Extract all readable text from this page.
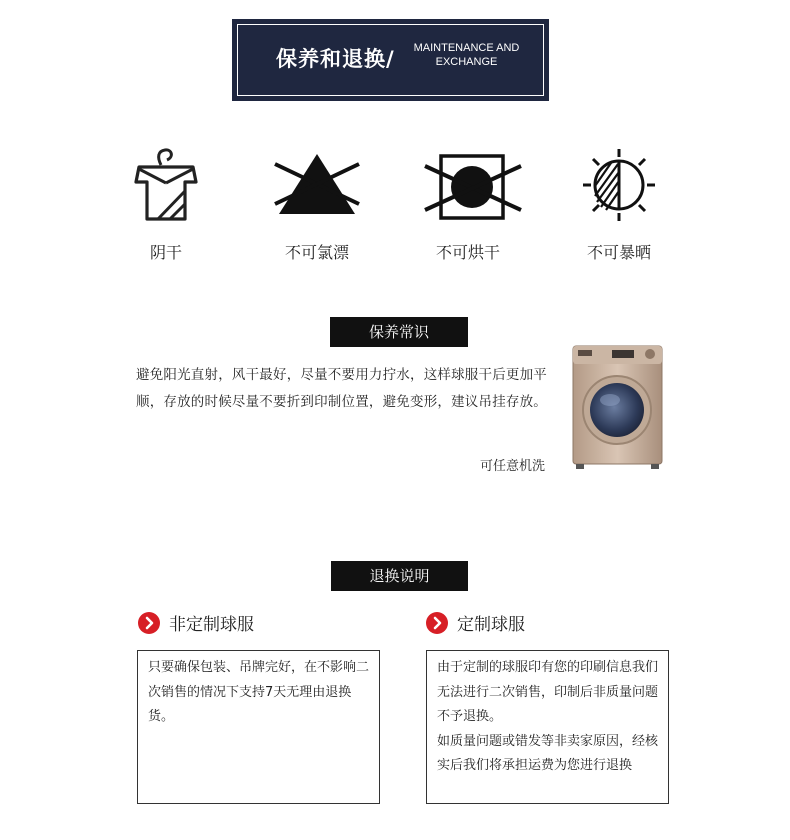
保养和退换/	MAINTENANCE AND EXCHANGE
阴干	不可氯漂	不可烘干	不可暴晒
保养常识
避免阳光直射，风干最好，尽量不要用力拧水，这样球服干后更加平顺，存放的时候尽量不要折到印制位置，避免变形，建议吊挂存放。
可任意机洗
退换说明
非定制球服	定制球服

只要确保包装、吊牌完好，在不影响二次销售的情况下支持7天无理由退换货。

由于定制的球服印有您的印刷信息我们无法进行二次销售，印制后非质量问题不予退换。

如质量问题或错发等非卖家原因，经核实后我们将承担运费为您进行退换
